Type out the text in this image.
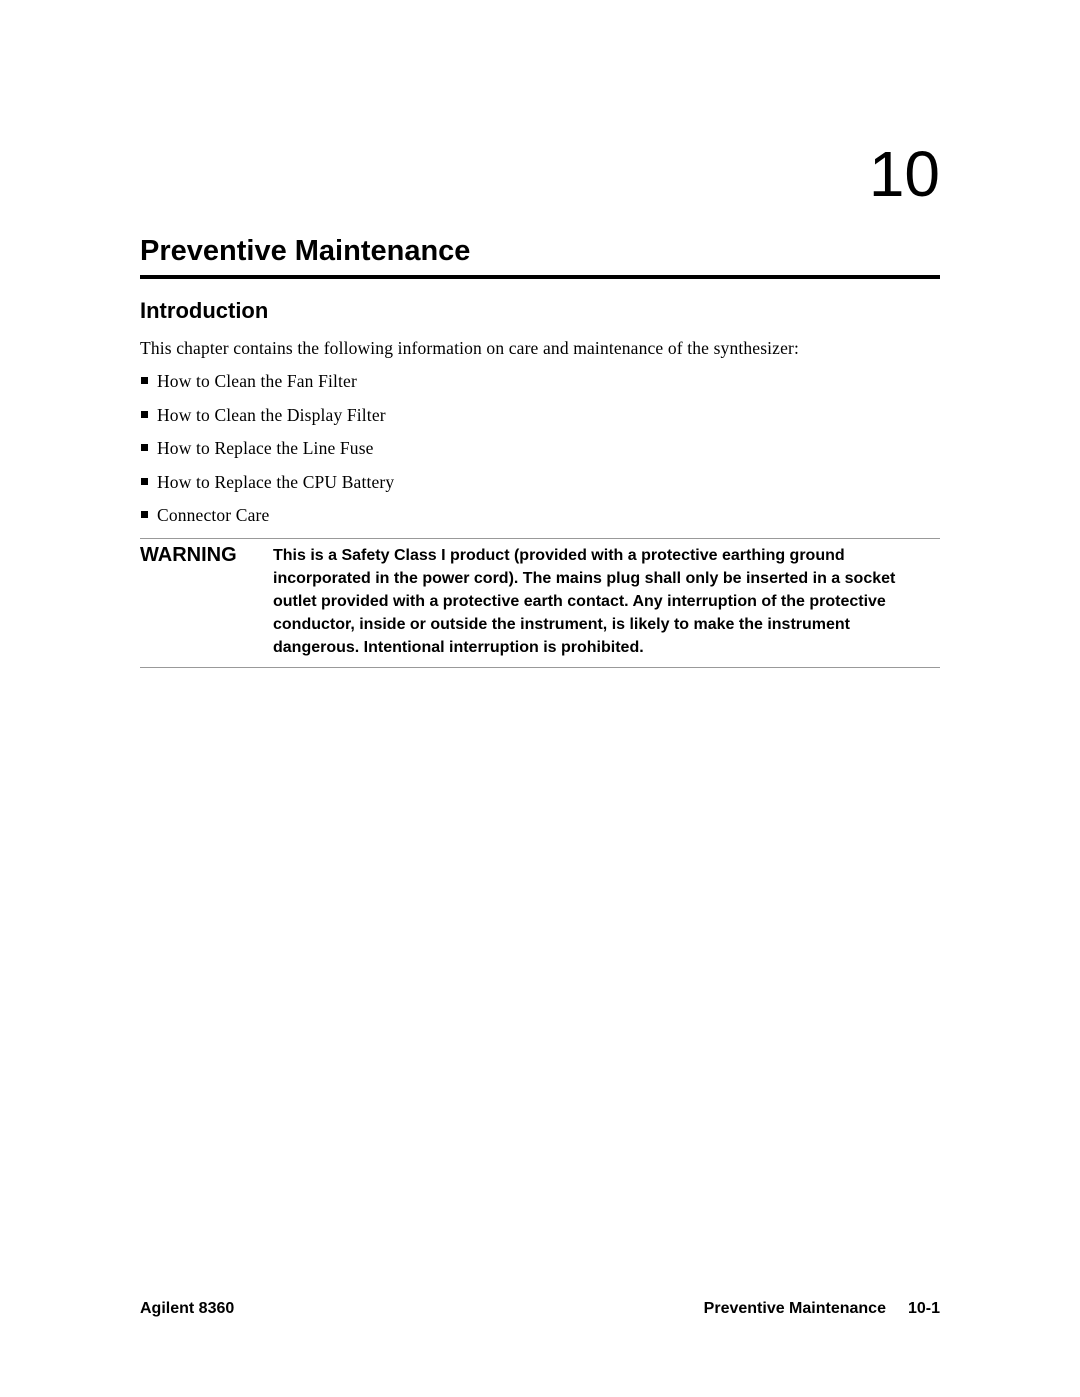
10
Preventive Maintenance
Introduction

This chapter contains the following information on care and maintenance of the synthesizer:

How to Clean the Fan Filter
How to Clean the Display Filter
How to Replace the Line Fuse
How to Replace the CPU Battery
Connector Care

WARNING This is a Safety Class I product (provided with a protective earthing ground incorporated in the power cord). The mains plug shall only be inserted in a socket outlet provided with a protective earth contact. Any interruption of the protective conductor, inside or outside the instrument, is likely to make the instrument dangerous. Intentional interruption is prohibited.

Agilent 8360	Preventive Maintenance 10-1
